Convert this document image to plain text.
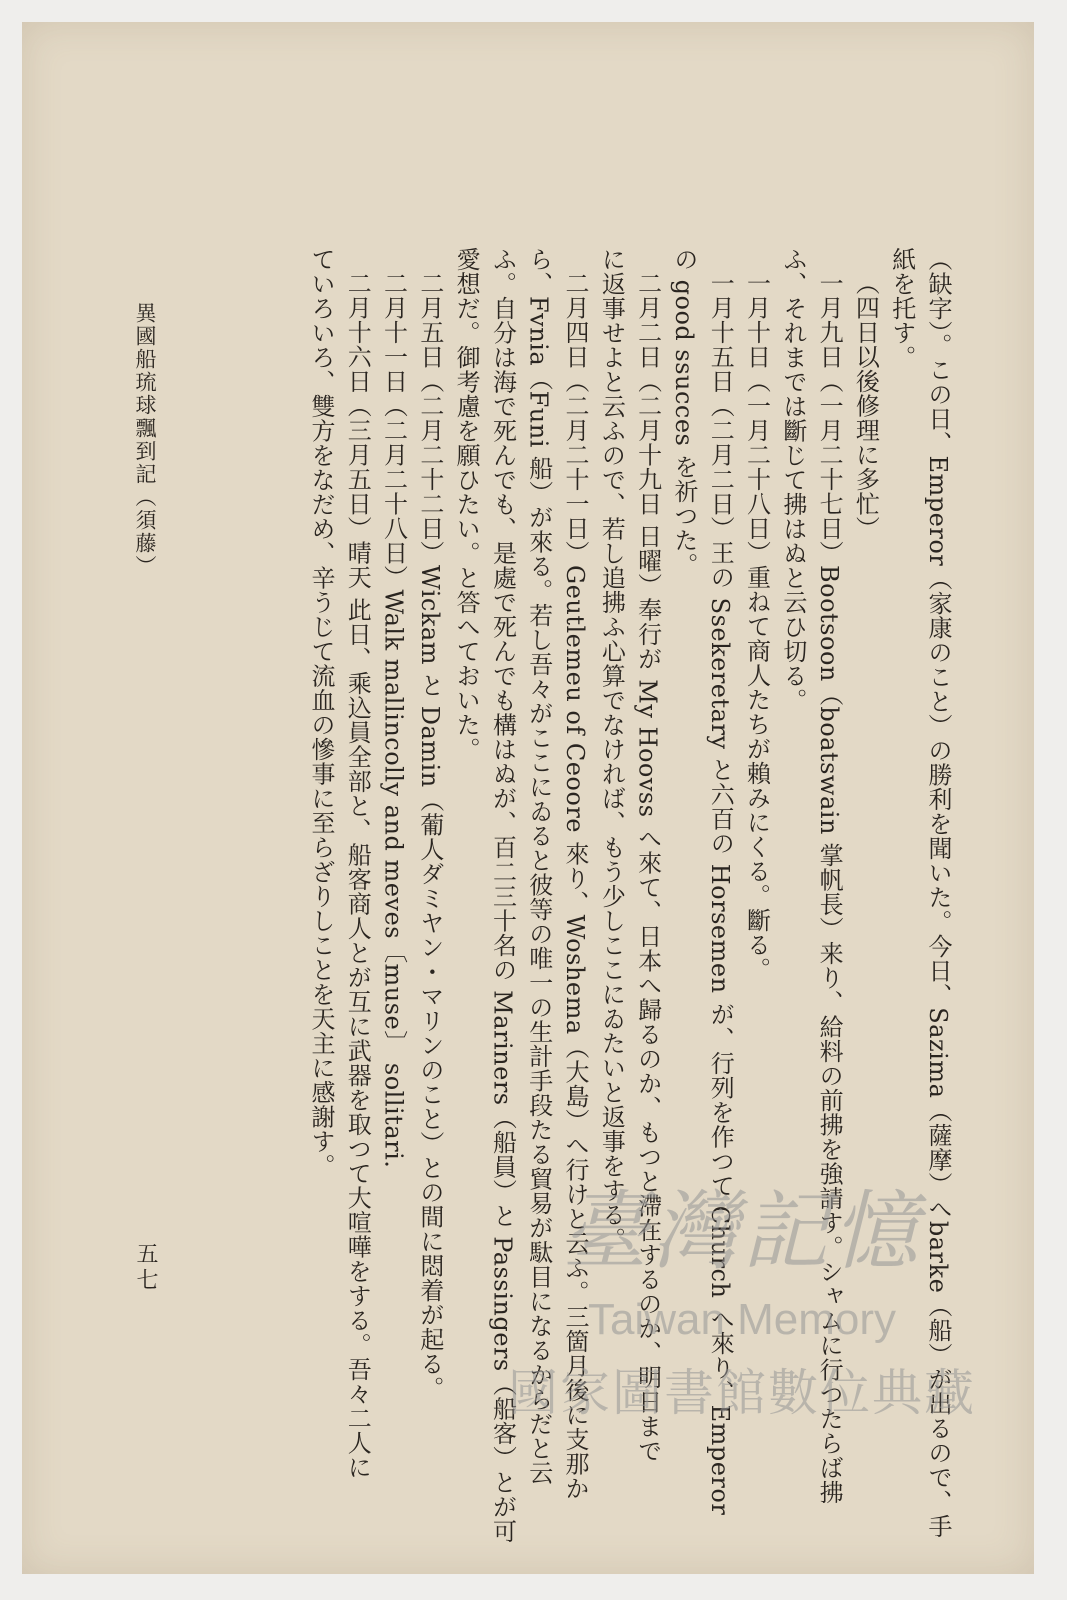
（缺字）。この日、Emperor（家康のこと）の勝利を聞いた。今日、Sazima（薩摩）へbarke（船）が出るので、手

紙を托す。

（四日以後修理に多忙）

一月九日（一月二十七日）Bootsoon（boatswain 掌帆長）来り、給料の前拂を強請す。シャムに行つたらば拂

ふ、それまでは斷じて拂はぬと云ひ切る。

一月十日（一月二十八日）重ねて商人たちが賴みにくる。斷る。

一月十五日（二月二日）王の Ssekeretary と六百の Horsemen が、行列を作つて Church へ來り、Emperor

の good ssucces を祈つた。

二月二日（二月十九日 日曜）奉行が My Hoovss へ來て、日本へ歸るのか、もつと滯在するのか、明日まで

に返事せよと云ふので、若し追拂ふ心算でなければ、もう少しここにゐたいと返事をする。

二月四日（二月二十一日）Geutlemeu of Ceoore 來り、Woshema（大島）へ行けと云ふ。三箇月後に支那か

ら、Fvnia（Funi 船）が來る。若し吾々がここにゐると彼等の唯一の生計手段たる貿易が駄目になるからだと云

ふ。自分は海で死んでも、是處で死んでも構はぬが、百二三十名の Mariners（船員）と Passingers（船客）とが可

愛想だ。御考慮を願ひたい。と答へておいた。

二月五日（二月二十二日）Wickam と Damin（葡人ダミヤン・マリンのこと）との間に悶着が起る。

二月十一日（二月二十八日）Walk mallincolly and meves〔muse〕 sollitari.

二月十六日（三月五日）晴天 此日、乘込員全部と、船客商人とが互に武器を取つて大喧嘩をする。吾々二人に

ていろいろ、雙方をなだめ、辛うじて流血の慘事に至らざりしことを天主に感謝す。

異國船琉球飄到記（須藤）
五七	臺灣記憶
Taiwan Memory
國家圖書館數位典藏
